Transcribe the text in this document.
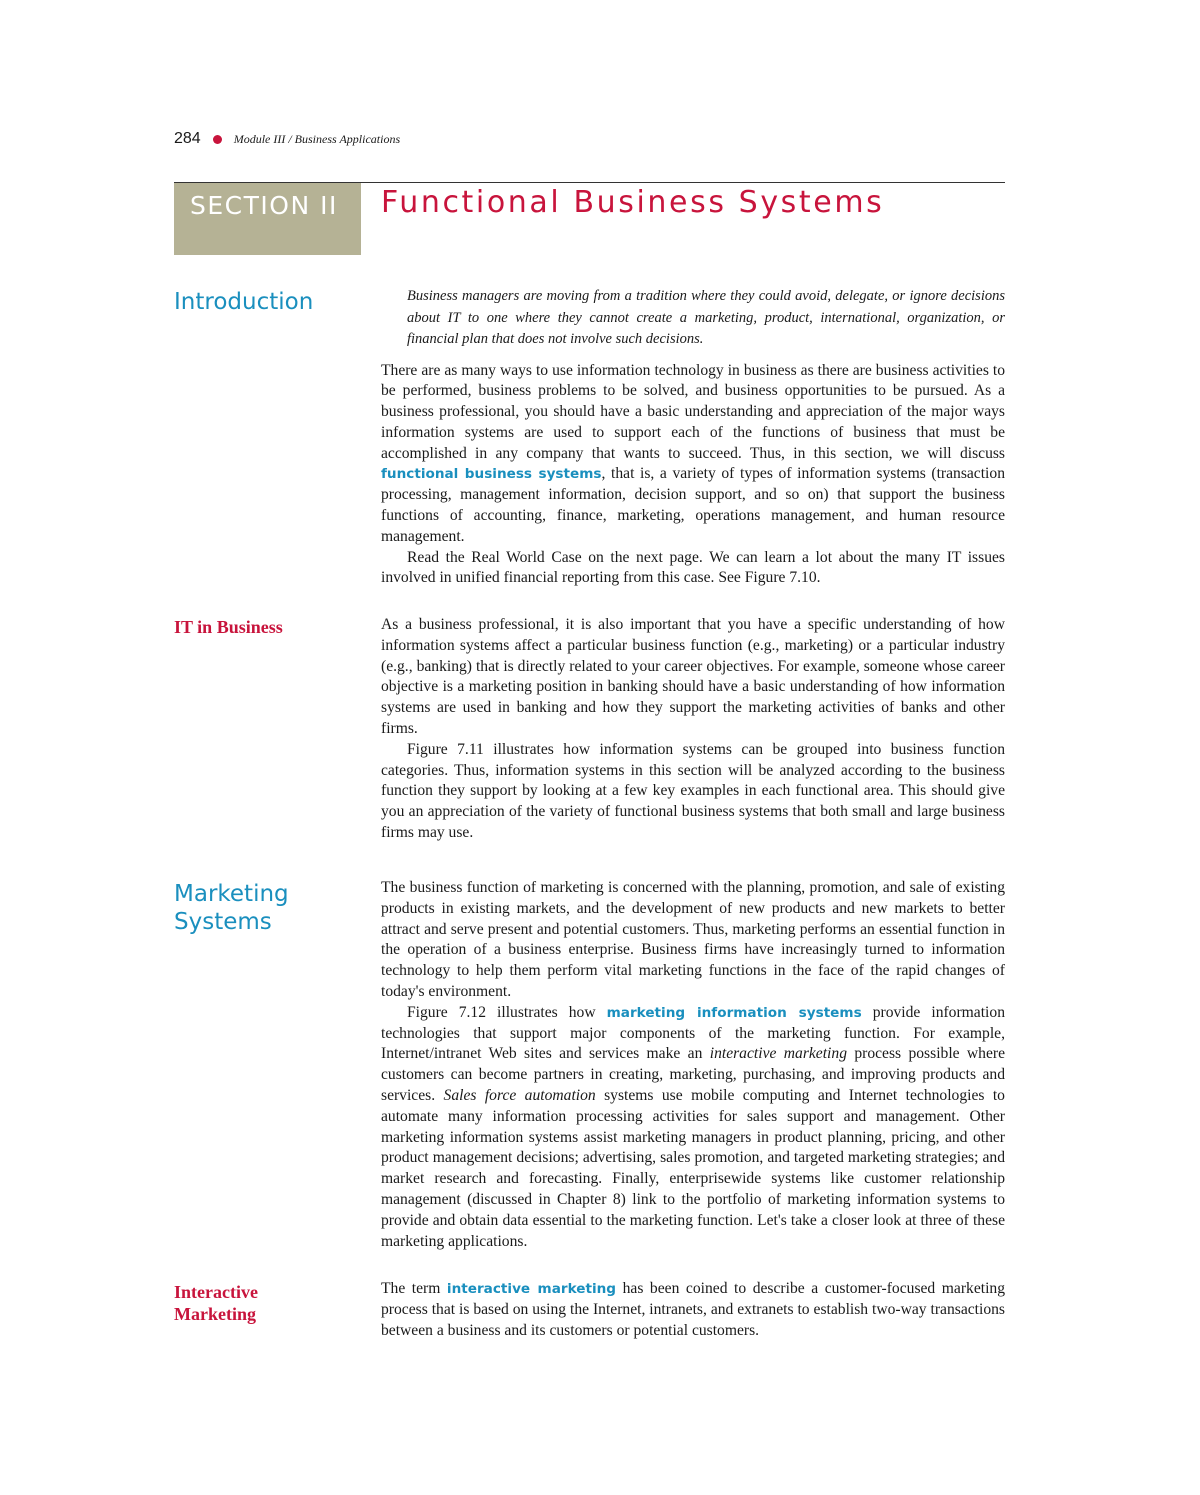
284	Module III / Business Applications
SECTION II Functional Business Systems
Introduction	Business managers are moving from a tradition where they could avoid, delegate, or ignore decisions about IT to one where they cannot create a marketing, product, international, organization, or financial plan that does not involve such decisions.

There are as many ways to use information technology in business as there are business activities to be performed, business problems to be solved, and business opportunities to be pursued. As a business professional, you should have a basic understanding and appreciation of the major ways information systems are used to support each of the functions of business that must be accomplished in any company that wants to succeed. Thus, in this section, we will discuss functional business systems, that is, a variety of types of information systems (transaction processing, management information, decision support, and so on) that support the business functions of accounting, finance, marketing, operations management, and human resource management.

Read the Real World Case on the next page. We can learn a lot about the many IT issues involved in unified financial reporting from this case. See Figure 7.10.

IT in Business	As a business professional, it is also important that you have a specific understanding of how information systems affect a particular business function (e.g., marketing) or a particular industry (e.g., banking) that is directly related to your career objectives. For example, someone whose career objective is a marketing position in banking should have a basic understanding of how information systems are used in banking and how they support the marketing activities of banks and other firms.

Figure 7.11 illustrates how information systems can be grouped into business function categories. Thus, information systems in this section will be analyzed according to the business function they support by looking at a few key examples in each functional area. This should give you an appreciation of the variety of functional business systems that both small and large business firms may use.

Marketing
Systems

The business function of marketing is concerned with the planning, promotion, and sale of existing products in existing markets, and the development of new products and new markets to better attract and serve present and potential customers. Thus, marketing performs an essential function in the operation of a business enterprise. Business firms have increasingly turned to information technology to help them perform vital marketing functions in the face of the rapid changes of today's environment.

Figure 7.12 illustrates how marketing information systems provide information technologies that support major components of the marketing function. For example, Internet/intranet Web sites and services make an interactive marketing process possible where customers can become partners in creating, marketing, purchasing, and improving products and services. Sales force automation systems use mobile computing and Internet technologies to automate many information processing activities for sales support and management. Other marketing information systems assist marketing managers in product planning, pricing, and other product management decisions; advertising, sales promotion, and targeted marketing strategies; and market research and forecasting. Finally, enterprisewide systems like customer relationship management (discussed in Chapter 8) link to the portfolio of marketing information systems to provide and obtain data essential to the marketing function. Let's take a closer look at three of these marketing applications.

Interactive
Marketing

The term interactive marketing has been coined to describe a customer-focused marketing process that is based on using the Internet, intranets, and extranets to establish two-way transactions between a business and its customers or potential customers.
